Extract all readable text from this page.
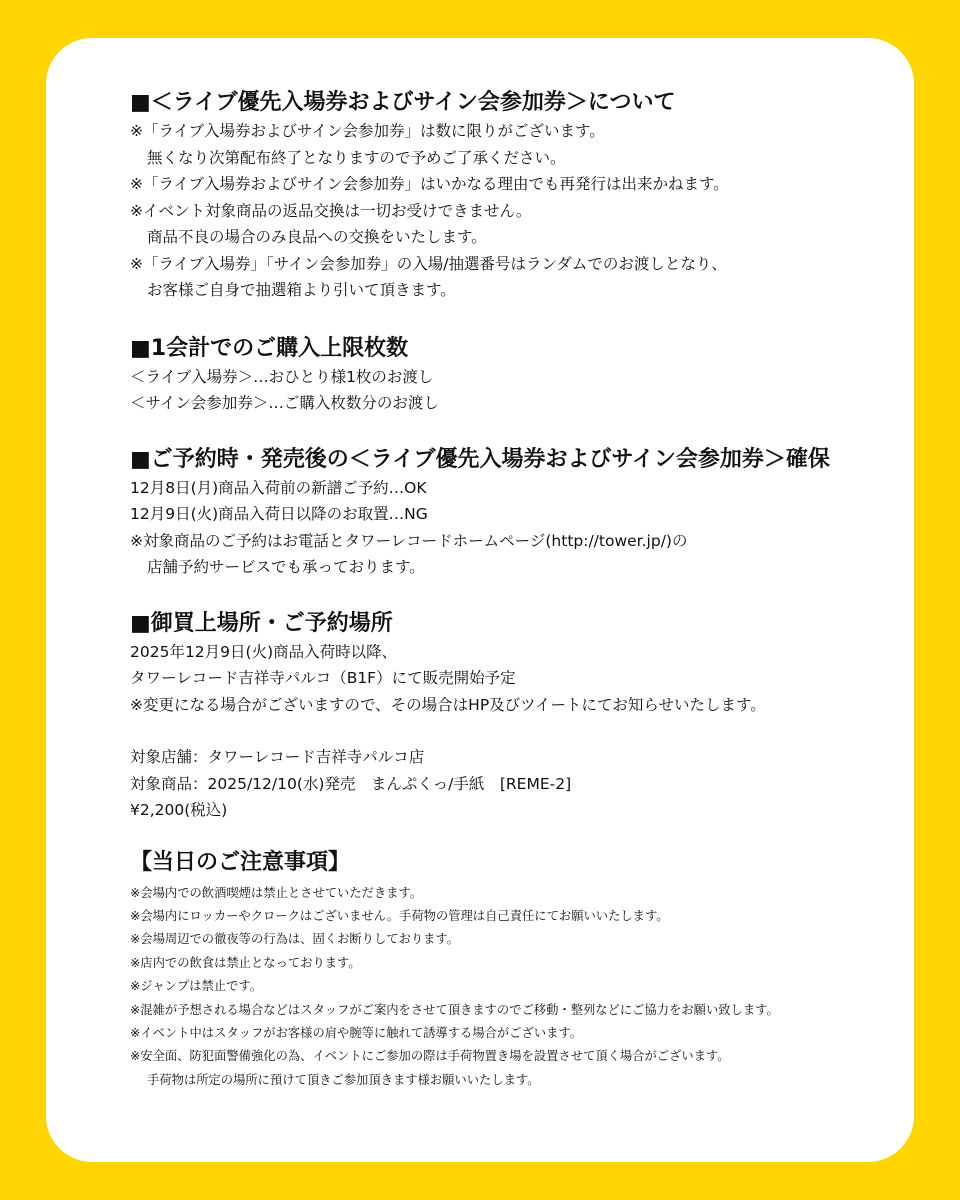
■＜ライブ優先入場券およびサイン会参加券＞について

※「ライブ入場券およびサイン会参加券」は数に限りがございます。

無くなり次第配布終了となりますので予めご了承ください。

※「ライブ入場券およびサイン会参加券」はいかなる理由でも再発行は出来かねます。

※イベント対象商品の返品交換は一切お受けできません。

商品不良の場合のみ良品への交換をいたします。

※「ライブ入場券」「サイン会参加券」の入場/抽選番号はランダムでのお渡しとなり、

お客様ご自身で抽選箱より引いて頂きます。

■1会計でのご購入上限枚数

＜ライブ入場券＞…おひとり様1枚のお渡し

＜サイン会参加券＞…ご購入枚数分のお渡し

■ご予約時・発売後の＜ライブ優先入場券およびサイン会参加券＞確保

12月8日(月)商品入荷前の新譜ご予約…OK

12月9日(火)商品入荷日以降のお取置…NG

※対象商品のご予約はお電話とタワーレコードホームページ(http://tower.jp/)の

店舗予約サービスでも承っております。

■御買上場所・ご予約場所

2025年12月9日(火)商品入荷時以降、

タワーレコード吉祥寺パルコ（B1F）にて販売開始予定

※変更になる場合がございますので、その場合はHP及びツイートにてお知らせいたします。

対象店舗：タワーレコード吉祥寺パルコ店

対象商品：2025/12/10(水)発売　まんぷくっ/手紙　[REME-2]

¥2,200(税込)

【当日のご注意事項】

※会場内での飲酒喫煙は禁止とさせていただきます。

※会場内にロッカーやクロークはございません。手荷物の管理は自己責任にてお願いいたします。

※会場周辺での徹夜等の行為は、固くお断りしております。

※店内での飲食は禁止となっております。

※ジャンプは禁止です。

※混雑が予想される場合などはスタッフがご案内をさせて頂きますのでご移動・整列などにご協力をお願い致します。

※イベント中はスタッフがお客様の肩や腕等に触れて誘導する場合がございます。

※安全面、防犯面警備強化の為、イベントにご参加の際は手荷物置き場を設置させて頂く場合がございます。

手荷物は所定の場所に預けて頂きご参加頂きます様お願いいたします。
